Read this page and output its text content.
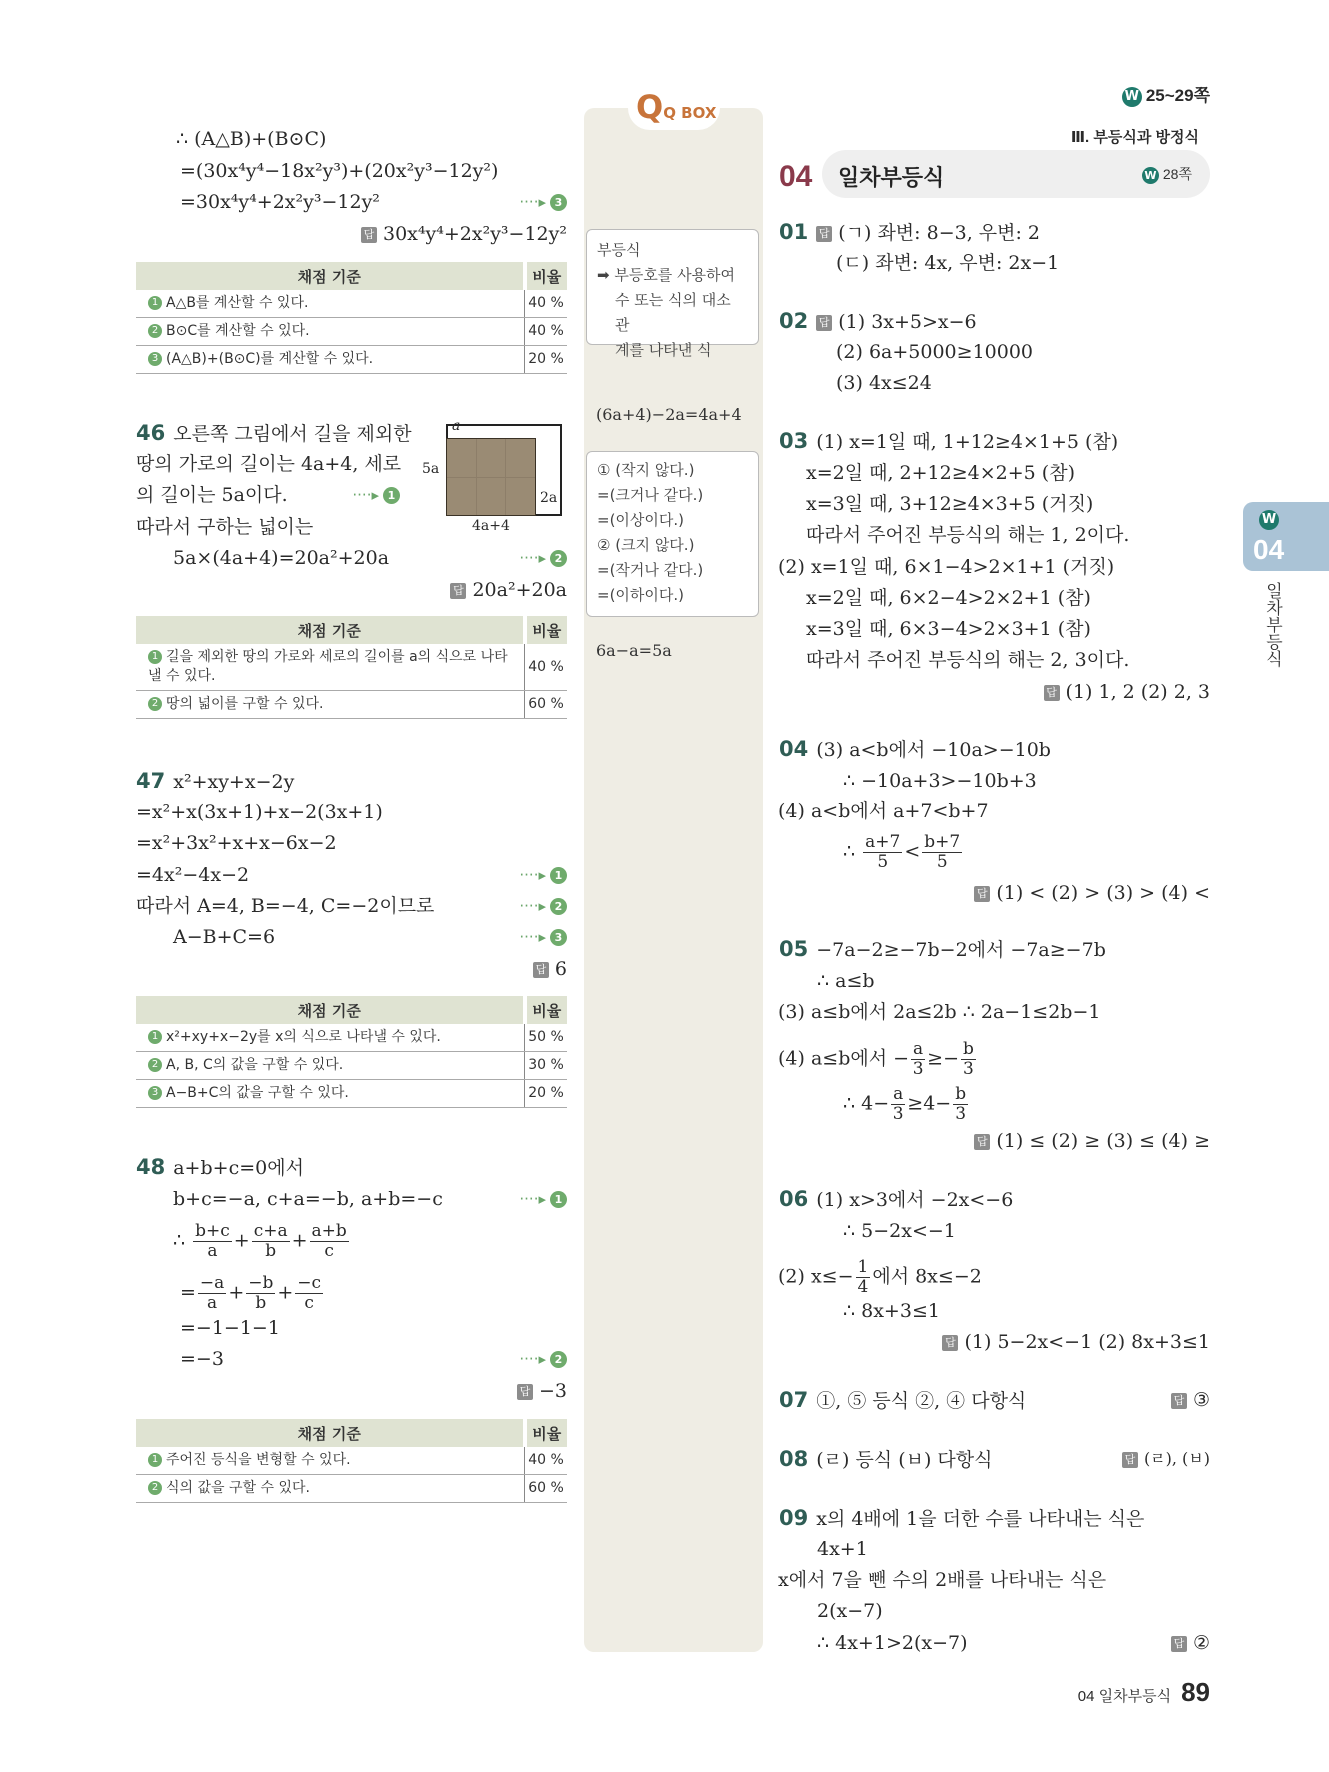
QQ BOX
부등식
➡ 부등호를 사용하여
수 또는 식의 대소 관
계를 나타낸 식
(6a+4)−2a=4a+4
① (작지 않다.)
=(크거나 같다.)
=(이상이다.)
② (크지 않다.)
=(작거나 같다.)
=(이하이다.)
6a−a=5a
∴ (A△B)+(B⊙C)
=(30x⁴y⁴−18x²y³)+(20x²y³−12y²)
=30x⁴y⁴+2x²y³−12y²	····▸ 3
답 30x⁴y⁴+2x²y³−12y²
채점 기준	비율
1 A△B를 계산할 수 있다.	40 %
2 B⊙C를 계산할 수 있다.	40 %
3 (A△B)+(B⊙C)를 계산할 수 있다.	20 %
46 오른쪽 그림에서 길을 제외한
땅의 가로의 길이는 4a+4, 세로
의 길이는 5a이다.	····▸ 1
따라서 구하는 넓이는
5a×(4a+4)=20a²+20a	····▸ 2
답 20a²+20a
a
5a
2a
4a+4
채점 기준	비율
1 길을 제외한 땅의 가로와 세로의 길이를 a의 식으로 나타낼 수 있다.	40 %
2 땅의 넓이를 구할 수 있다.	60 %
47 x²+xy+x−2y
=x²+x(3x+1)+x−2(3x+1)
=x²+3x²+x+x−6x−2
=4x²−4x−2	····▸ 1
따라서 A=4, B=−4, C=−2이므로	····▸ 2
A−B+C=6	····▸ 3
답 6
채점 기준	비율
1 x²+xy+x−2y를 x의 식으로 나타낼 수 있다.	50 %
2 A, B, C의 값을 구할 수 있다.	30 %
3 A−B+C의 값을 구할 수 있다.	20 %
48 a+b+c=0에서
b+c=−a, c+a=−b, a+b=−c	····▸ 1
∴ $\frac{b+c}{a} + \frac{c+a}{b} + \frac{a+b}{c}$
= $\frac{-a}{a} + \frac{-b}{b} + \frac{-c}{c}$
=−1−1−1
=−3	····▸ 2
답 −3
채점 기준	비율
1 주어진 등식을 변형할 수 있다.	40 %
2 식의 값을 구할 수 있다.	60 %
W 25~29쪽
Ⅲ. 부등식과 방정식
04 일차부등식	W 28쪽
01 답 (ㄱ) 좌변: 8−3, 우변: 2
(ㄷ) 좌변: 4x, 우변: 2x−1
02 답 (1) 3x+5>x−6
(2) 6a+5000≥10000
(3) 4x≤24
03 (1) x=1일 때, 1+12≥4×1+5 (참)
x=2일 때, 2+12≥4×2+5 (참)
x=3일 때, 3+12≥4×3+5 (거짓)
따라서 주어진 부등식의 해는 1, 2이다.
(2) x=1일 때, 6×1−4>2×1+1 (거짓)
x=2일 때, 6×2−4>2×2+1 (참)
x=3일 때, 6×3−4>2×3+1 (참)
따라서 주어진 부등식의 해는 2, 3이다.
답 (1) 1, 2 (2) 2, 3
04 (3) a<b에서 −10a>−10b
∴ −10a+3>−10b+3
(4) a<b에서 a+7<b+7
∴ $\frac{a+7}{5} < \frac{b+7}{5}$
답 (1) < (2) > (3) > (4) <
05 −7a−2≥−7b−2에서 −7a≥−7b
∴ a≤b
(3) a≤b에서 2a≤2b ∴ 2a−1≤2b−1
(4) a≤b에서 − $\frac{a}{3} \ge- \frac{b}{3}$
∴ $4- \frac{a}{3} \ge 4- \frac{b}{3}$
답 (1) ≤ (2) ≥ (3) ≤ (4) ≥
06 (1) x>3에서 −2x<−6
∴ 5−2x<−1
(2) $x\le- \frac{1}{4}$ 에서 8x≤−2
∴ 8x+3≤1
답 (1) 5−2x<−1 (2) 8x+3≤1
07 ①, ⑤ 등식 ②, ④ 다항식	답 ③
08 (ㄹ) 등식 (ㅂ) 다항식	답 (ㄹ), (ㅂ)
09 x의 4배에 1을 더한 수를 나타내는 식은
4x+1
x에서 7을 뺀 수의 2배를 나타내는 식은
2(x−7)
∴ 4x+1>2(x−7)	답 ②
W
04
일차부등식
04 일차부등식 89
